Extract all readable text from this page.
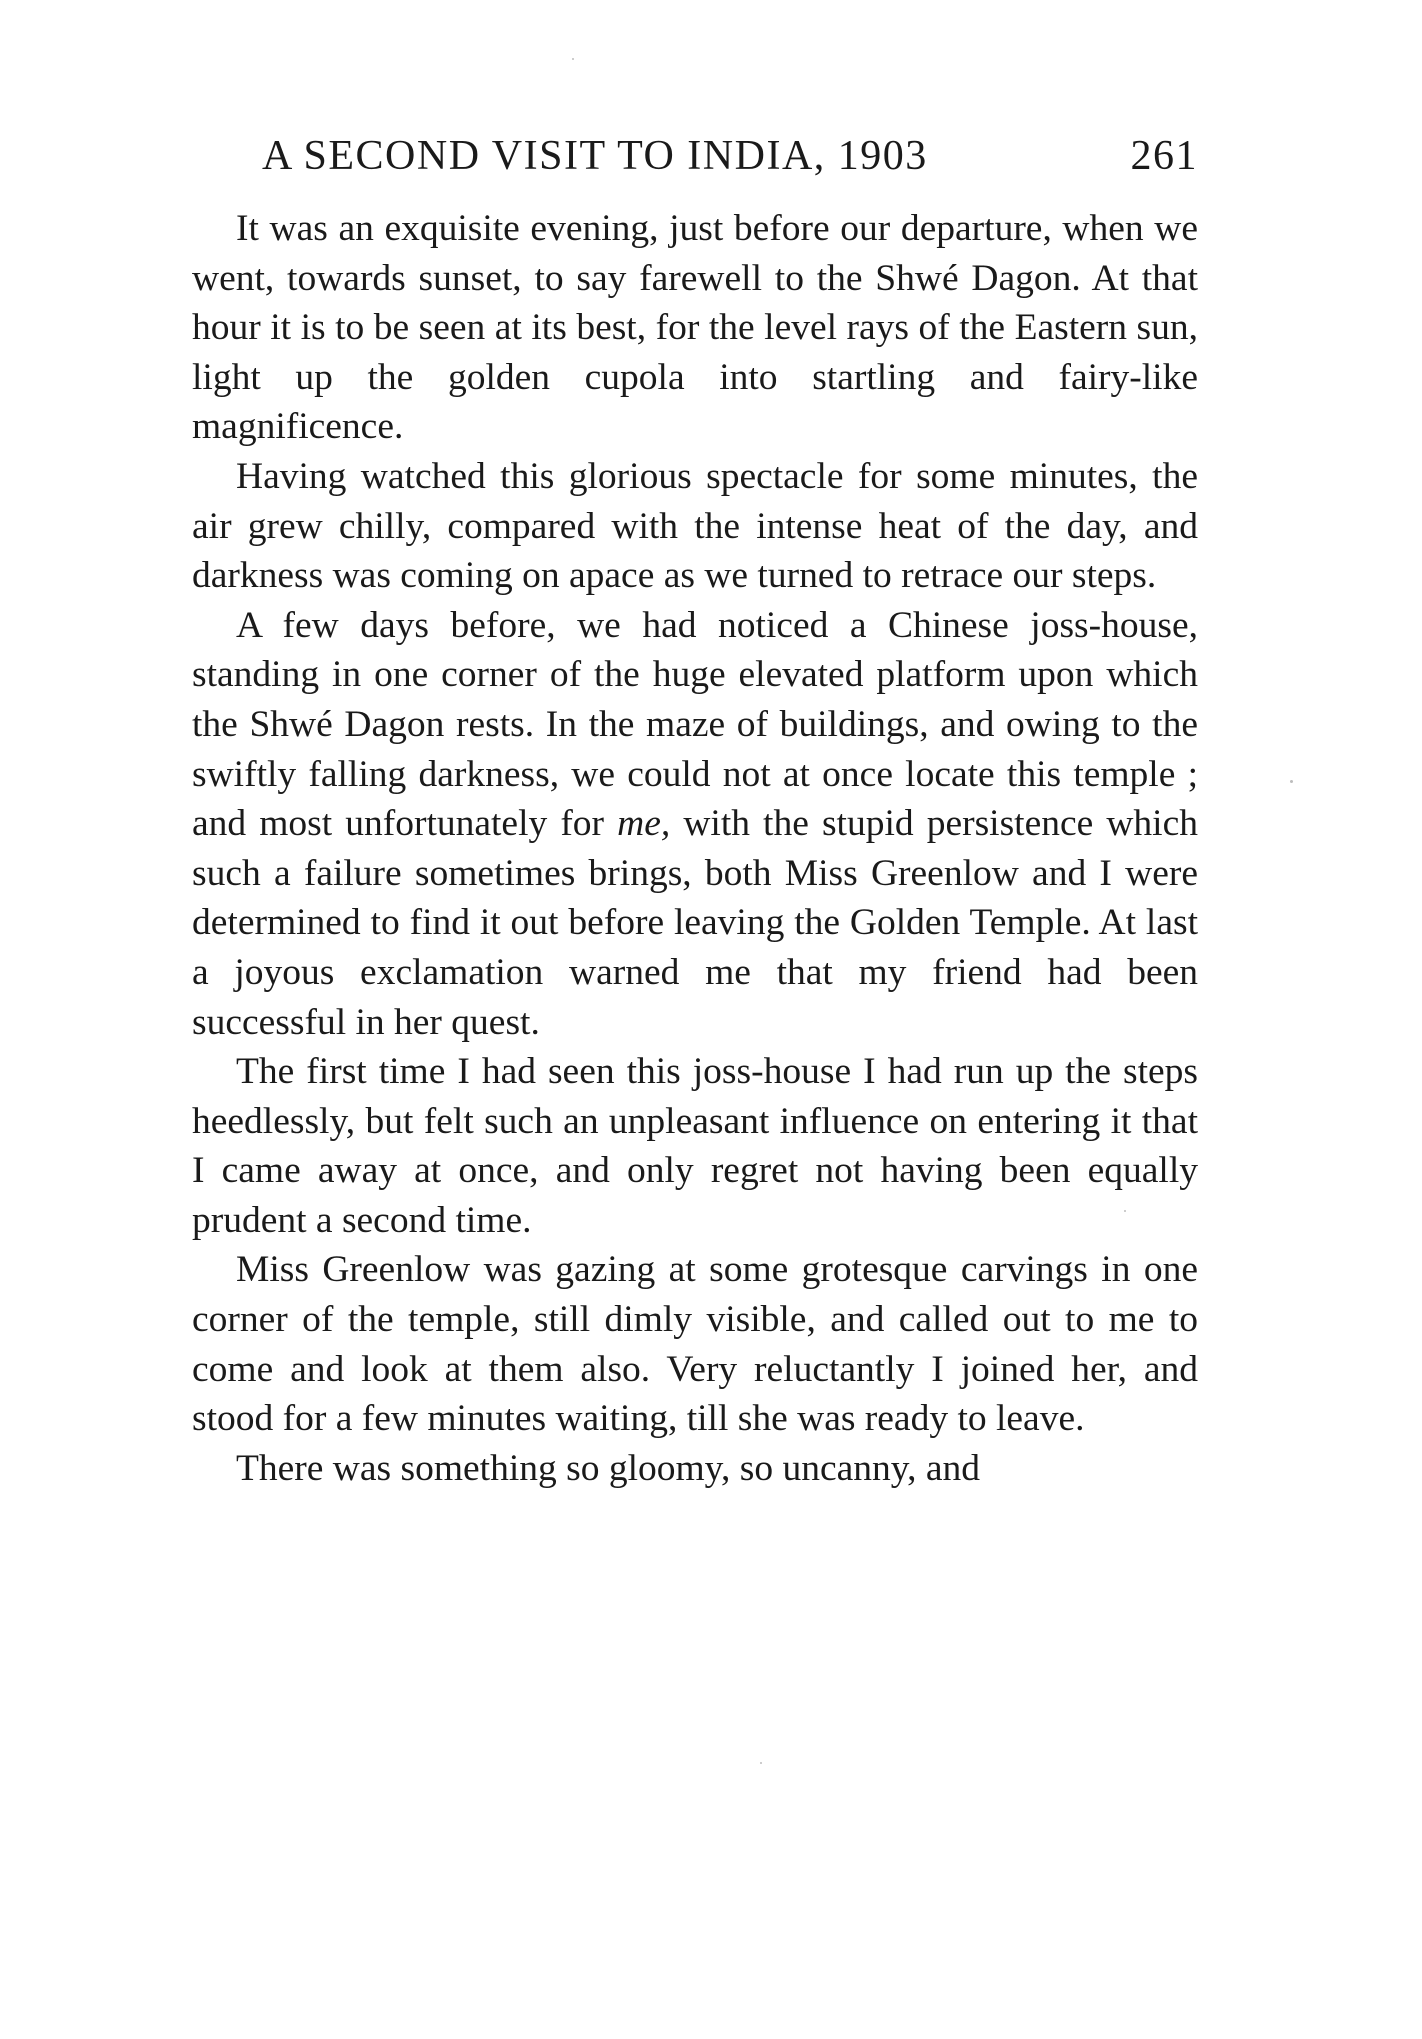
A SECOND VISIT TO INDIA, 1903	261

It was an exquisite evening, just before our departure, when we went, towards sunset, to say farewell to the Shwé Dagon. At that hour it is to be seen at its best, for the level rays of the Eastern sun, light up the golden cupola into startling and fairy-like magnificence.

Having watched this glorious spectacle for some minutes, the air grew chilly, compared with the intense heat of the day, and darkness was coming on apace as we turned to retrace our steps.

A few days before, we had noticed a Chinese joss-house, standing in one corner of the huge elevated platform upon which the Shwé Dagon rests. In the maze of buildings, and owing to the swiftly falling darkness, we could not at once locate this temple ; and most unfortunately for me, with the stupid persistence which such a failure sometimes brings, both Miss Greenlow and I were determined to find it out before leaving the Golden Temple. At last a joyous exclamation warned me that my friend had been successful in her quest.

The first time I had seen this joss-house I had run up the steps heedlessly, but felt such an unpleasant influence on entering it that I came away at once, and only regret not having been equally prudent a second time.

Miss Greenlow was gazing at some grotesque carvings in one corner of the temple, still dimly visible, and called out to me to come and look at them also. Very reluctantly I joined her, and stood for a few minutes waiting, till she was ready to leave.

There was something so gloomy, so uncanny, and
